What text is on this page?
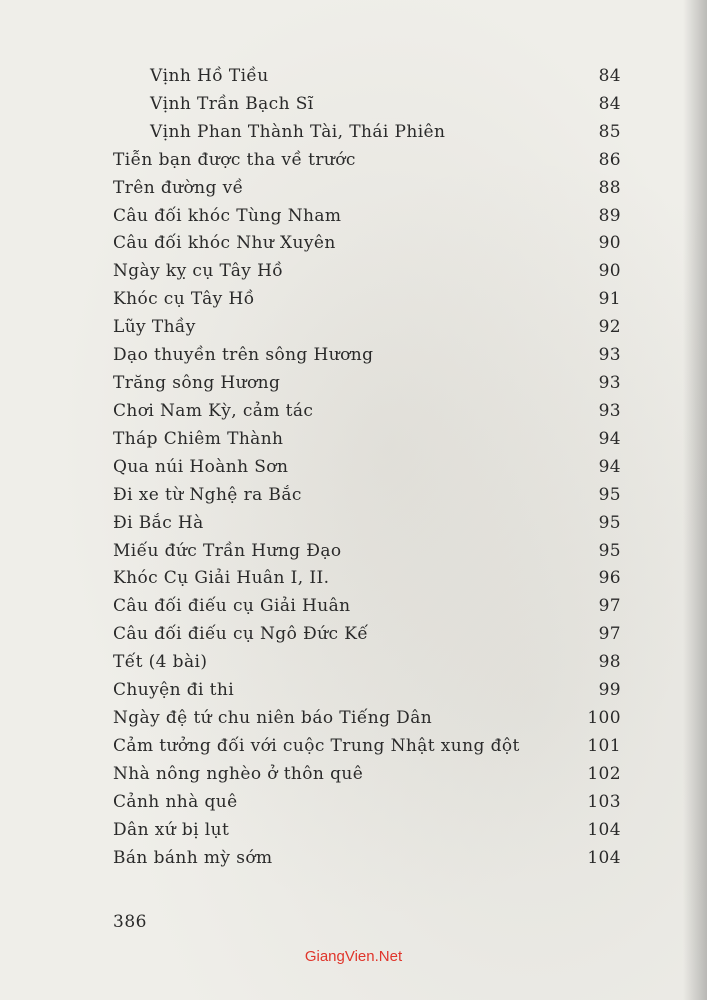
Vịnh Hồ Tiều	84
Vịnh Trần Bạch Sĩ	84
Vịnh Phan Thành Tài, Thái Phiên	85
Tiễn bạn được tha về trước	86
Trên đường về	88
Câu đối khóc Tùng Nham	89
Câu đối khóc Như Xuyên	90
Ngày kỵ cụ Tây Hồ	90
Khóc cụ Tây Hồ	91
Lũy Thầy	92
Dạo thuyền trên sông Hương	93
Trăng sông Hương	93
Chơi Nam Kỳ, cảm tác	93
Tháp Chiêm Thành	94
Qua núi Hoành Sơn	94
Đi xe từ Nghệ ra Bắc	95
Đi Bắc Hà	95
Miếu đức Trần Hưng Đạo	95
Khóc Cụ Giải Huân I, II.	96
Câu đối điếu cụ Giải Huân	97
Câu đối điếu cụ Ngô Đức Kế	97
Tết (4 bài)	98
Chuyện đi thi	99
Ngày đệ tứ chu niên báo Tiếng Dân	100
Cảm tưởng đối với cuộc Trung Nhật xung đột	101
Nhà nông nghèo ở thôn quê	102
Cảnh nhà quê	103
Dân xứ bị lụt	104
Bán bánh mỳ sớm	104
386
GiangVien.Net
